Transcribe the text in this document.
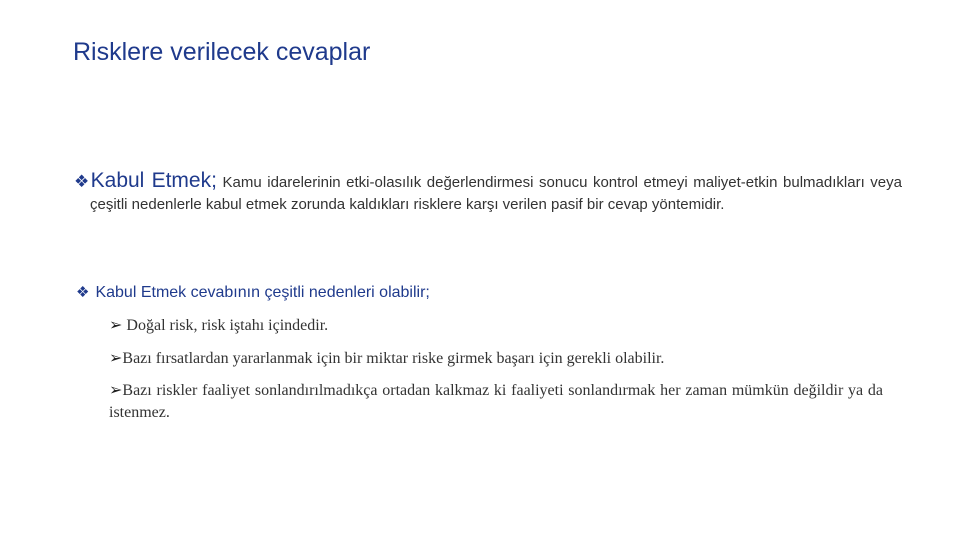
Risklere verilecek cevaplar
❖Kabul Etmek; Kamu idarelerinin etki-olasılık değerlendirmesi sonucu kontrol etmeyi maliyet-etkin bulmadıkları veya çeşitli nedenlerle kabul etmek zorunda kaldıkları risklere karşı verilen pasif bir cevap yöntemidir.
❖ Kabul Etmek cevabının çeşitli nedenleri olabilir;
➢ Doğal risk, risk iştahı içindedir.
➢Bazı fırsatlardan yararlanmak için bir miktar riske girmek başarı için gerekli olabilir.
➢Bazı riskler faaliyet sonlandırılmadıkça ortadan kalkmaz ki faaliyeti sonlandırmak her zaman mümkün değildir ya da istenmez.
